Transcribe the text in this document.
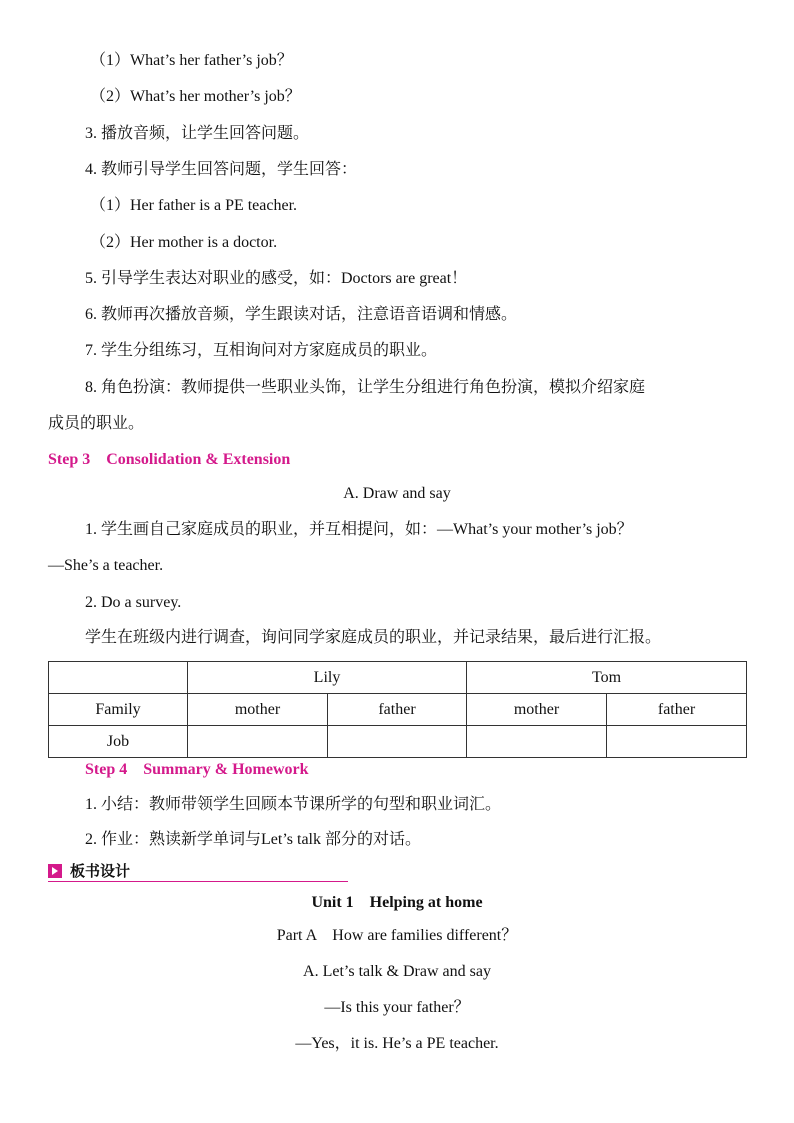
（1）What’s her father’s job？
（2）What’s her mother’s job？
3. 播放音频，让学生回答问题。
4. 教师引导学生回答问题，学生回答：
（1）Her father is a PE teacher.
（2）Her mother is a doctor.
5. 引导学生表达对职业的感受，如：Doctors are great！
6. 教师再次播放音频，学生跟读对话，注意语音语调和情感。
7. 学生分组练习，互相询问对方家庭成员的职业。
8. 角色扮演：教师提供一些职业头饰，让学生分组进行角色扮演，模拟介绍家庭
成员的职业。
Step 3　Consolidation & Extension
A. Draw and say
1. 学生画自己家庭成员的职业，并互相提问，如：—What’s your mother’s job？
—She’s a teacher.
2. Do a survey.
学生在班级内进行调查，询问同学家庭成员的职业，并记录结果，最后进行汇报。
	Lily		Tom	
Family	mother	father	mother	father
Job				
Step 4　Summary & Homework
1. 小结：教师带领学生回顾本节课所学的句型和职业词汇。
2. 作业：熟读新学单词与Let’s talk 部分的对话。
板书设计
Unit 1　Helping at home
Part A　How are families different？
A. Let’s talk & Draw and say
—Is this your father？
—Yes，it is. He’s a PE teacher.
